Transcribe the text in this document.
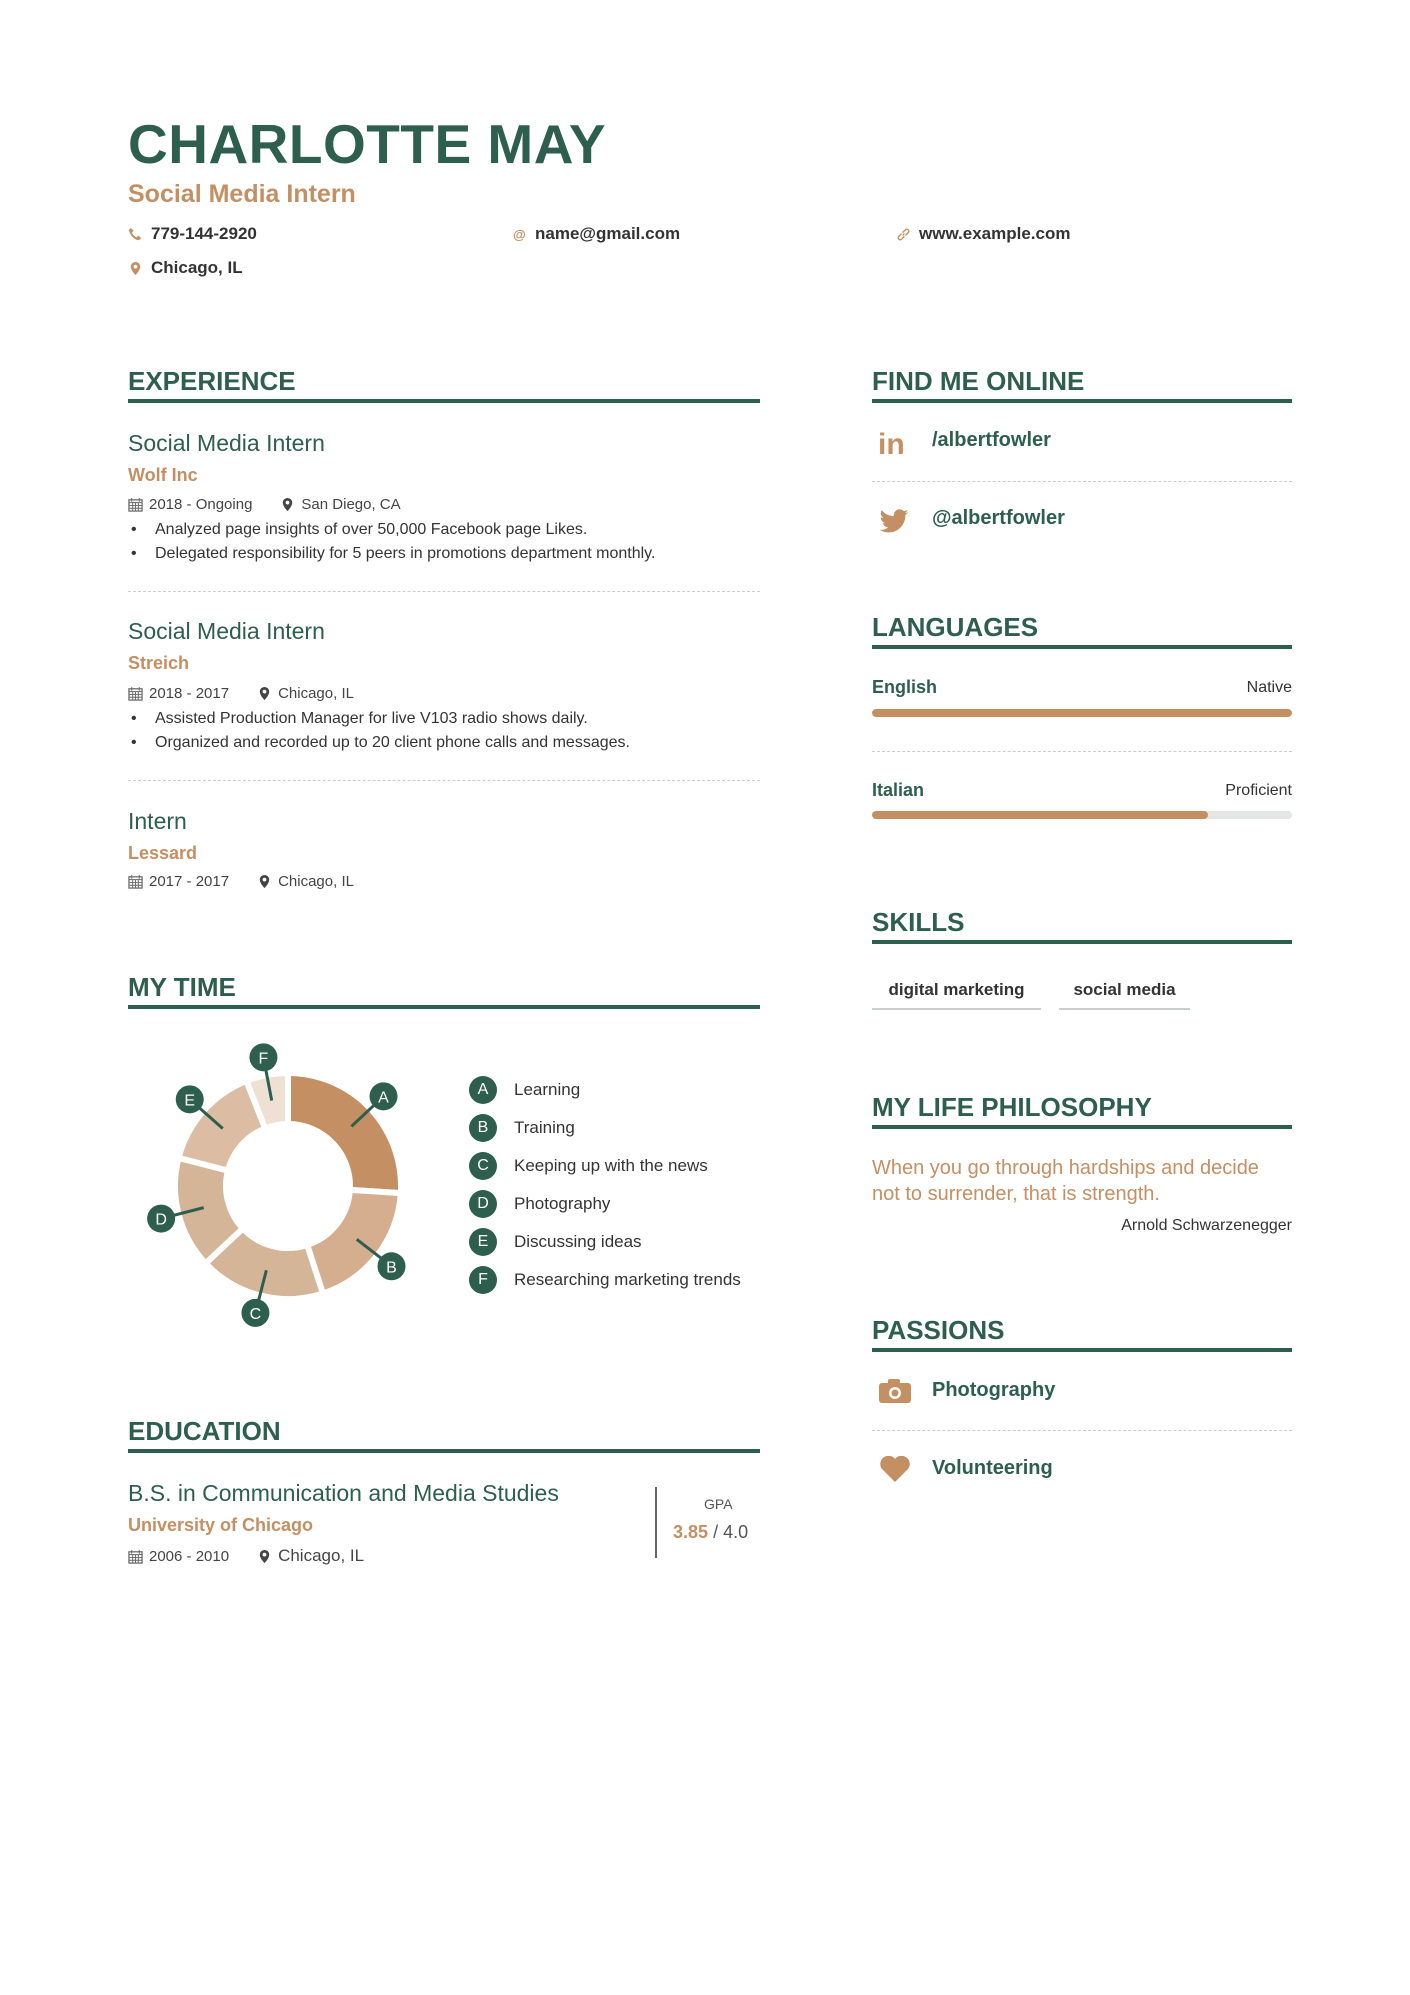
CHARLOTTE MAY
Social Media Intern
779-144-2920	@ name@gmail.com	www.example.com
Chicago, IL
EXPERIENCE
Social Media Intern
Wolf Inc
2018 - Ongoing	San Diego, CA
• Analyzed page insights of over 50,000 Facebook page Likes.
• Delegated responsibility for 5 peers in promotions department monthly.
Social Media Intern
Streich
2018 - 2017	Chicago, IL
• Assisted Production Manager for live V103 radio shows daily.
• Organized and recorded up to 20 client phone calls and messages.
Intern
Lessard
2017 - 2017	Chicago, IL
MY TIME
A
B
C
D
E
F
A	Learning
B	Training
C	Keeping up with the news
D	Photography
E	Discussing ideas
F	Researching marketing trends
EDUCATION
B.S. in Communication and Media Studies
University of Chicago
2006 - 2010	Chicago, IL
GPA
3.85 / 4.0
FIND ME ONLINE
in /albertfowler
@albertfowler
LANGUAGES
English	Native
Italian	Proficient
SKILLS
digital marketing	social media
MY LIFE PHILOSOPHY
When you go through hardships and decide not to surrender, that is strength.
Arnold Schwarzenegger
PASSIONS
Photography
Volunteering
